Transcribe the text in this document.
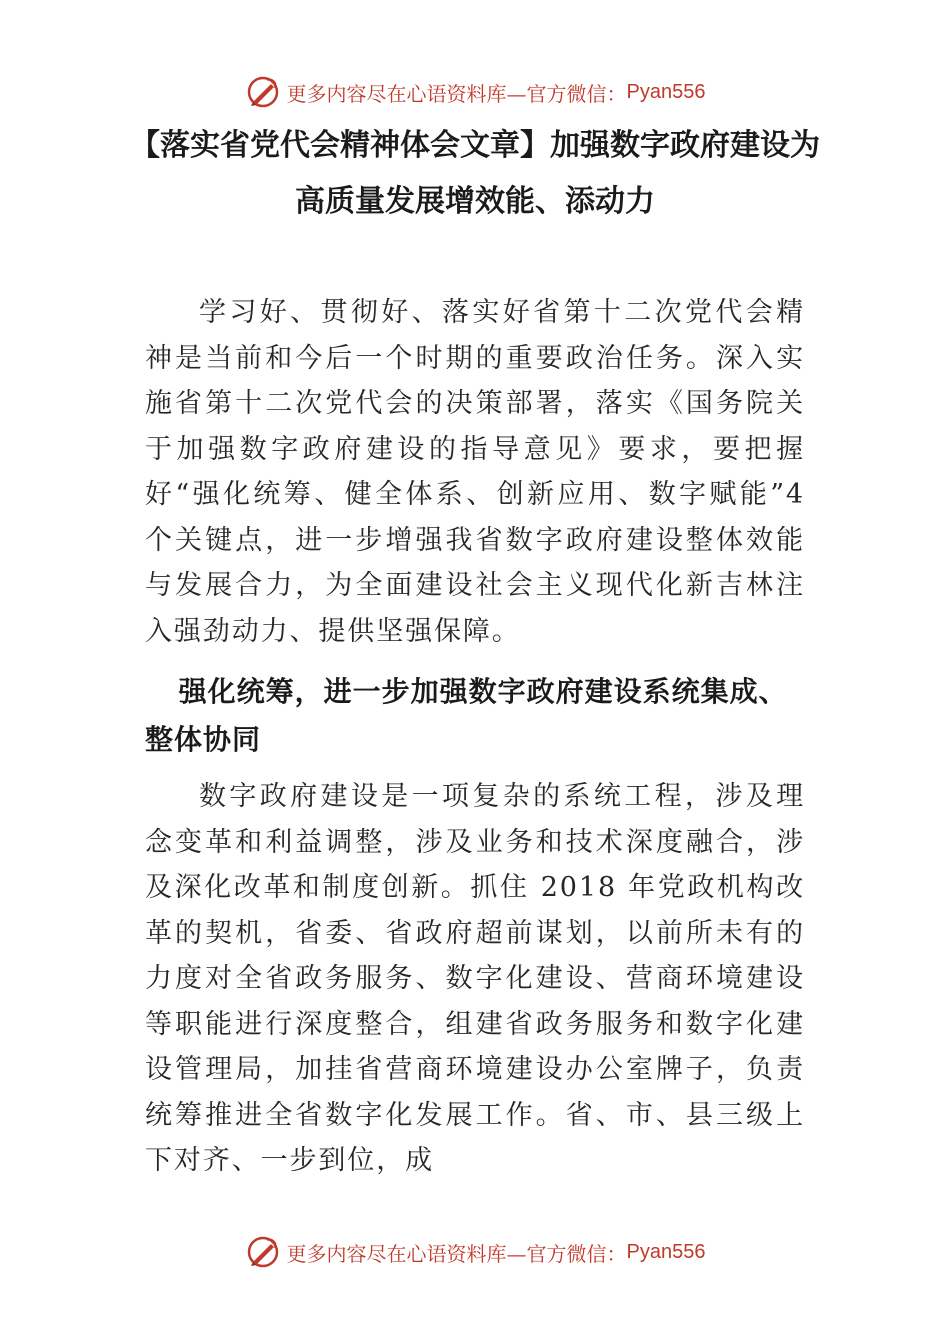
更多内容尽在心语资料库—官方微信： Pyan556
【落实省党代会精神体会文章】加强数字政府建设为高质量发展增效能、添动力

学习好、贯彻好、落实好省第十二次党代会精神是当前和今后一个时期的重要政治任务。深入实施省第十二次党代会的决策部署，落实《国务院关于加强数字政府建设的指导意见》要求，要把握好“强化统筹、健全体系、创新应用、数字赋能”4 个关键点，进一步增强我省数字政府建设整体效能与发展合力，为全面建设社会主义现代化新吉林注入强劲动力、提供坚强保障。

强化统筹，进一步加强数字政府建设系统集成、整体协同

数字政府建设是一项复杂的系统工程，涉及理念变革和利益调整，涉及业务和技术深度融合，涉及深化改革和制度创新。抓住 2018 年党政机构改革的契机，省委、省政府超前谋划，以前所未有的力度对全省政务服务、数字化建设、营商环境建设等职能进行深度整合，组建省政务服务和数字化建设管理局，加挂省营商环境建设办公室牌子，负责统筹推进全省数字化发展工作。省、市、县三级上下对齐、一步到位，成

更多内容尽在心语资料库—官方微信： Pyan556
